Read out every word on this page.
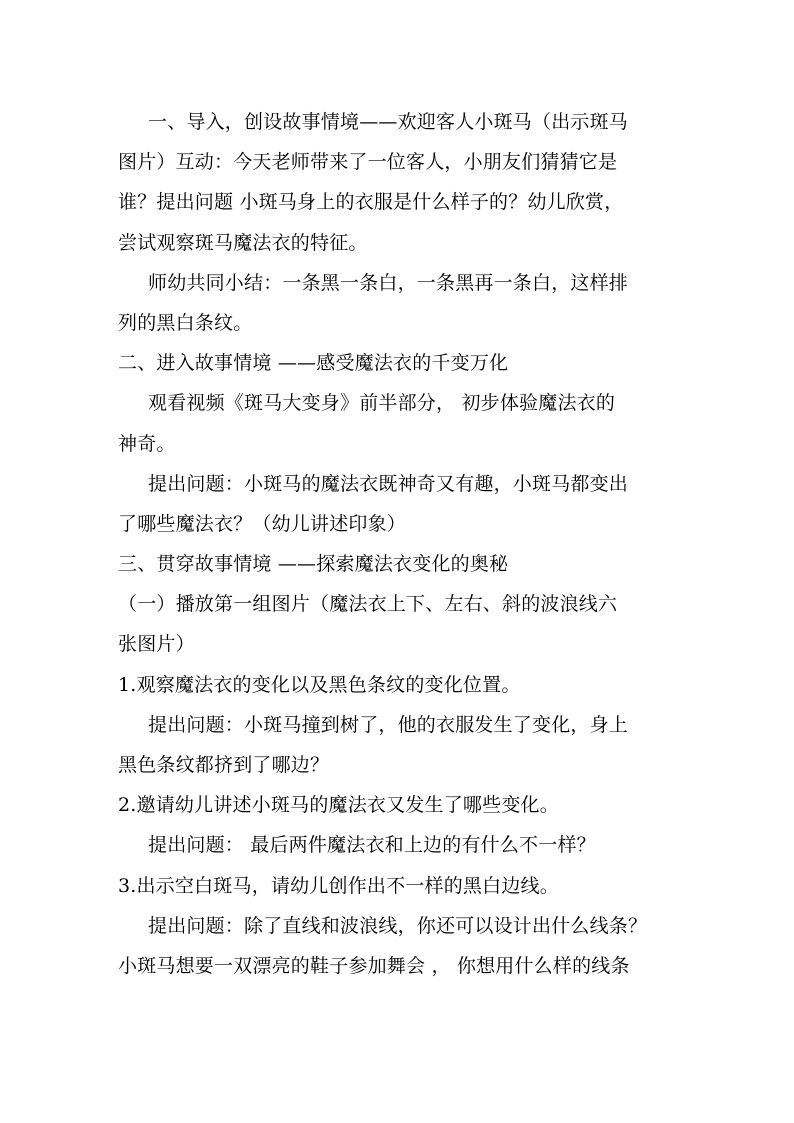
一、导入，创设故事情境——欢迎客人小斑马（出示斑马
图片）互动：今天老师带来了一位客人，小朋友们猜猜它是
谁？提出问题 小斑马身上的衣服是什么样子的？幼儿欣赏，
尝试观察斑马魔法衣的特征。
师幼共同小结：一条黑一条白，一条黑再一条白，这样排
列的黑白条纹。
二、进入故事情境 ——感受魔法衣的千变万化
观看视频《斑马大变身》前半部分， 初步体验魔法衣的
神奇。
提出问题：小斑马的魔法衣既神奇又有趣，小斑马都变出
了哪些魔法衣？（幼儿讲述印象）
三、贯穿故事情境 ——探索魔法衣变化的奥秘
（一）播放第一组图片（魔法衣上下、左右、斜的波浪线六
张图片）
1.观察魔法衣的变化以及黑色条纹的变化位置。
提出问题：小斑马撞到树了，他的衣服发生了变化，身上
黑色条纹都挤到了哪边？
2.邀请幼儿讲述小斑马的魔法衣又发生了哪些变化。
提出问题： 最后两件魔法衣和上边的有什么不一样？
3.出示空白斑马，请幼儿创作出不一样的黑白边线。
提出问题：除了直线和波浪线，你还可以设计出什么线条？
小斑马想要一双漂亮的鞋子参加舞会 ， 你想用什么样的线条
